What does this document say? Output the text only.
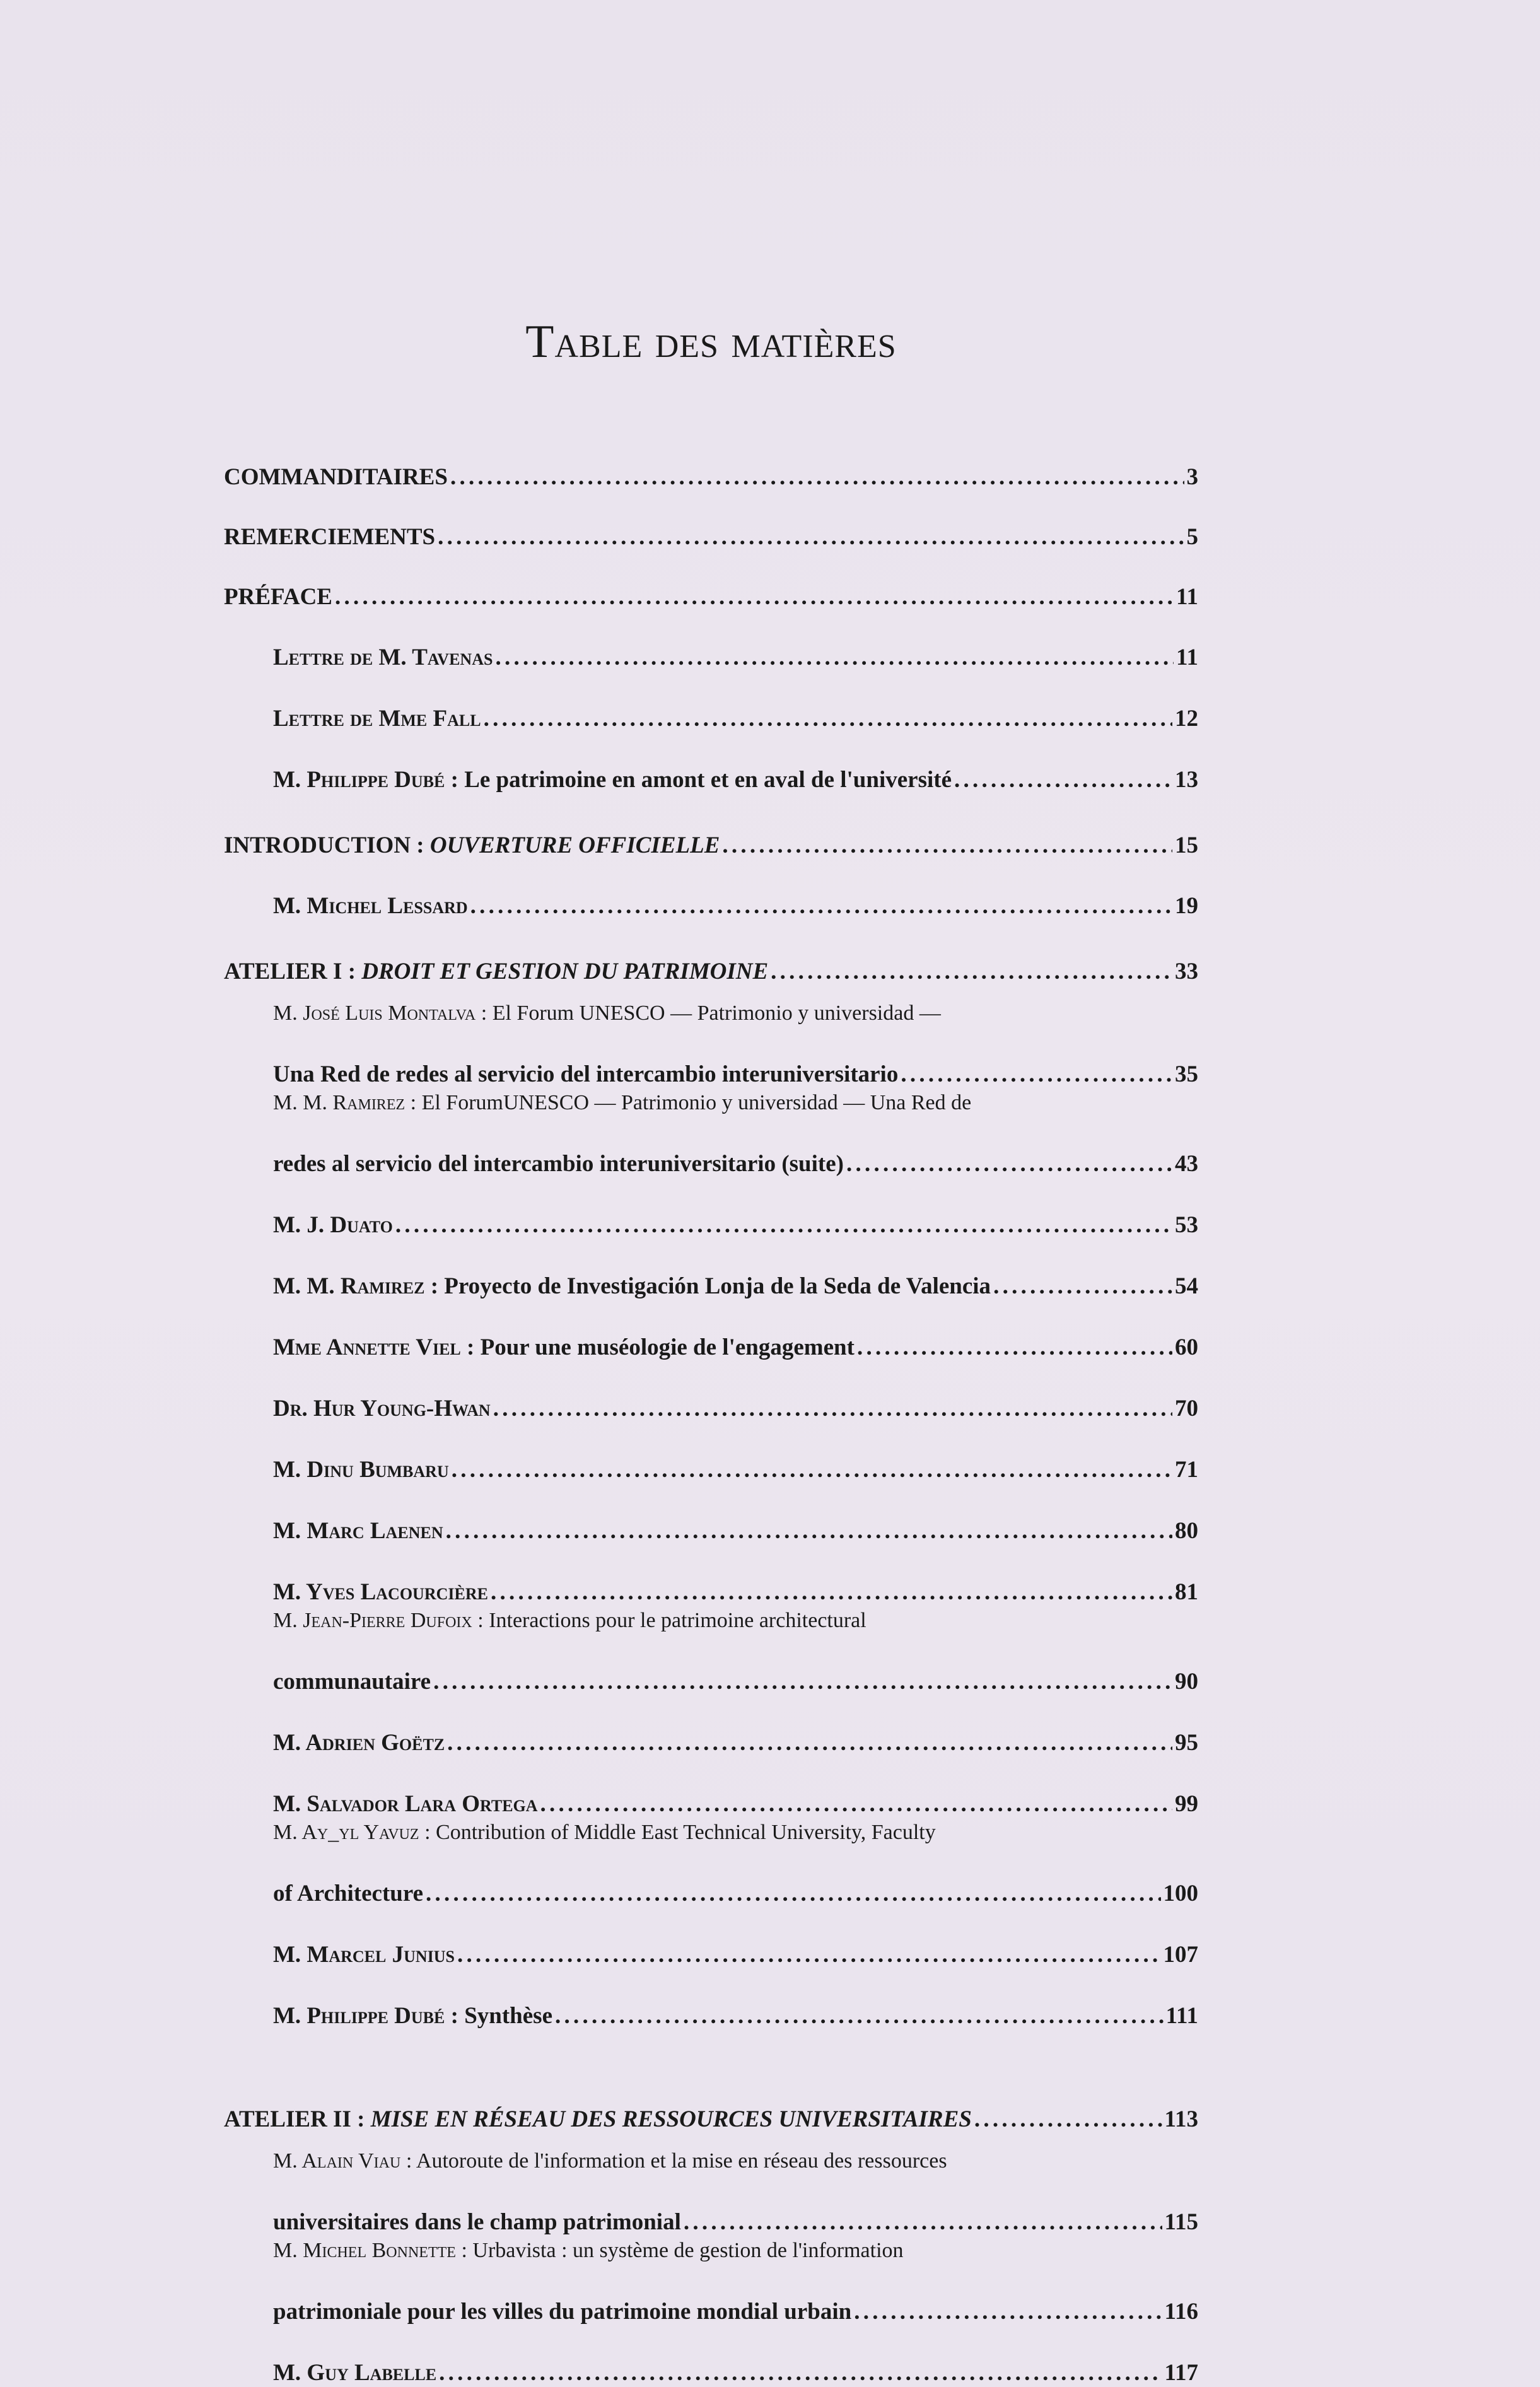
Table des matières
COMMANDITAIRES . . .	3
REMERCIEMENTS . . .	5
PRÉFACE . . .	11
Lettre de M. Tavenas . . .	11
Lettre de Mme Fall . . .	12
M. Philippe Dubé : Le patrimoine en amont et en aval de l'université . . .	13
INTRODUCTION : OUVERTURE OFFICIELLE . . .	15
M. Michel Lessard . . .	19
ATELIER I : DROIT ET GESTION DU PATRIMOINE . . .	33
M. José Luis Montalva : El Forum UNESCO — Patrimonio y universidad —
Una Red de redes al servicio del intercambio interuniversitario . . .	35
M. M. Ramirez : El ForumUNESCO — Patrimonio y universidad — Una Red de
redes al servicio del intercambio interuniversitario (suite) . . .	43
M. J. Duato . . .	53
M. M. Ramirez : Proyecto de Investigación Lonja de la Seda de Valencia . . .	54
Mme Annette Viel : Pour une muséologie de l'engagement . . .	60
Dr. Hur Young-Hwan . . .	70
M. Dinu Bumbaru . . .	71
M. Marc Laenen . . .	80
M. Yves Lacourcière . . .	81
M. Jean-Pierre Dufoix : Interactions pour le patrimoine architectural
communautaire . . .	90
M. Adrien Goëtz . . .	95
M. Salvador Lara Ortega . . .	99
M. Ay_yl Yavuz : Contribution of Middle East Technical University, Faculty
of Architecture . . .	100
M. Marcel Junius . . .	107
M. Philippe Dubé : Synthèse . . .	111
ATELIER II : MISE EN RÉSEAU DES RESSOURCES UNIVERSITAIRES . . .	113
M. Alain Viau : Autoroute de l'information et la mise en réseau des ressources
universitaires dans le champ patrimonial . . .	115
M. Michel Bonnette : Urbavista : un système de gestion de l'information
patrimoniale pour les villes du patrimoine mondial urbain . . .	116
M. Guy Labelle . . .	117
